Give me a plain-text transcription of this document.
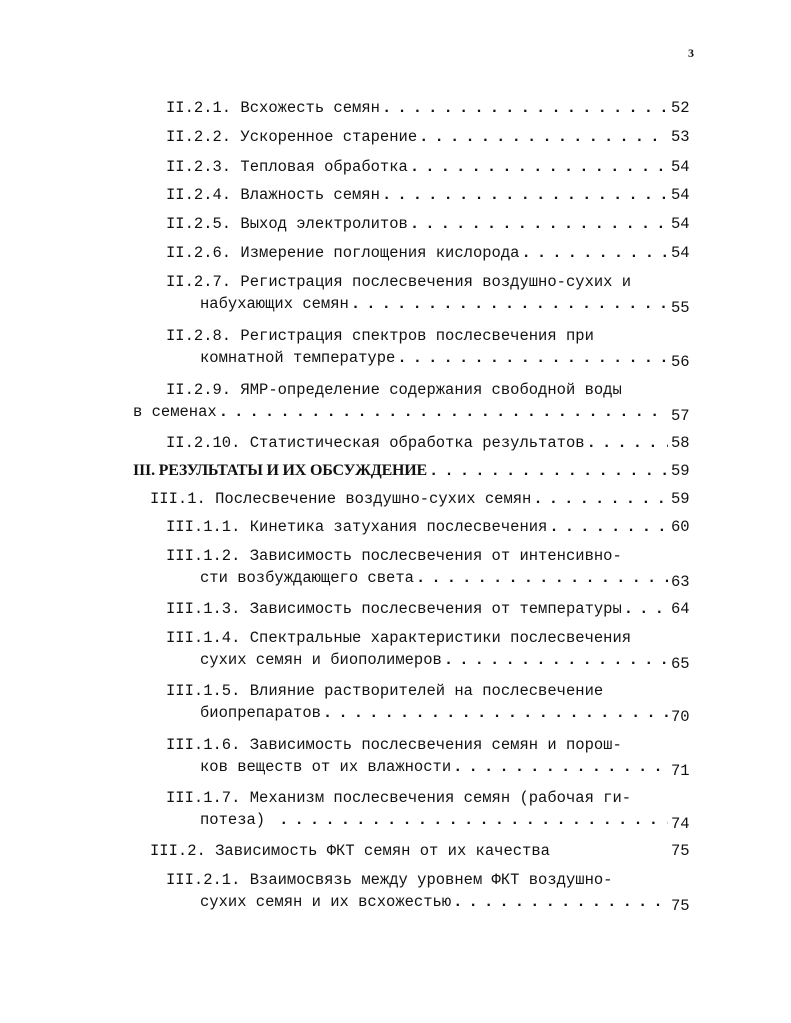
3
II.2.1. Всхожесть семян . . .	52
II.2.2. Ускоренное старение . . .	53
II.2.3. Тепловая обработка . . .	54
II.2.4. Влажность семян . . .	54
II.2.5. Выход электролитов . . .	54
II.2.6. Измерение поглощения кислорода . . .	54
II.2.7. Регистрация послесвечения воздушно-сухих и
набухающих семян . . .	55
II.2.8. Регистрация спектров послесвечения при
комнатной температуре . . .	56
II.2.9. ЯМР-определение содержания свободной воды
в семенах . . .	57
II.2.10. Статистическая обработка результатов . . .	58
III. РЕЗУЛЬТАТЫ И ИХ ОБСУЖДЕНИЕ . . .	59
III.1. Послесвечение воздушно-сухих семян . . .	59
III.1.1. Кинетика затухания послесвечения . . .	60
III.1.2. Зависимость послесвечения от интенсивно-
сти возбуждающего света . . .	63
III.1.3. Зависимость послесвечения от температуры . . .	64
III.1.4. Спектральные характеристики послесвечения
сухих семян и биополимеров . . .	65
III.1.5. Влияние растворителей на послесвечение
биопрепаратов . . .	70
III.1.6. Зависимость послесвечения семян и порош-
ков веществ от их влажности . . .	71
III.1.7. Механизм послесвечения семян (рабочая ги-
потеза) . . .	74
III.2. Зависимость ФКТ семян от их качества	75
III.2.1. Взаимосвязь между уровнем ФКТ воздушно-
сухих семян и их всхожестью . . .	75
